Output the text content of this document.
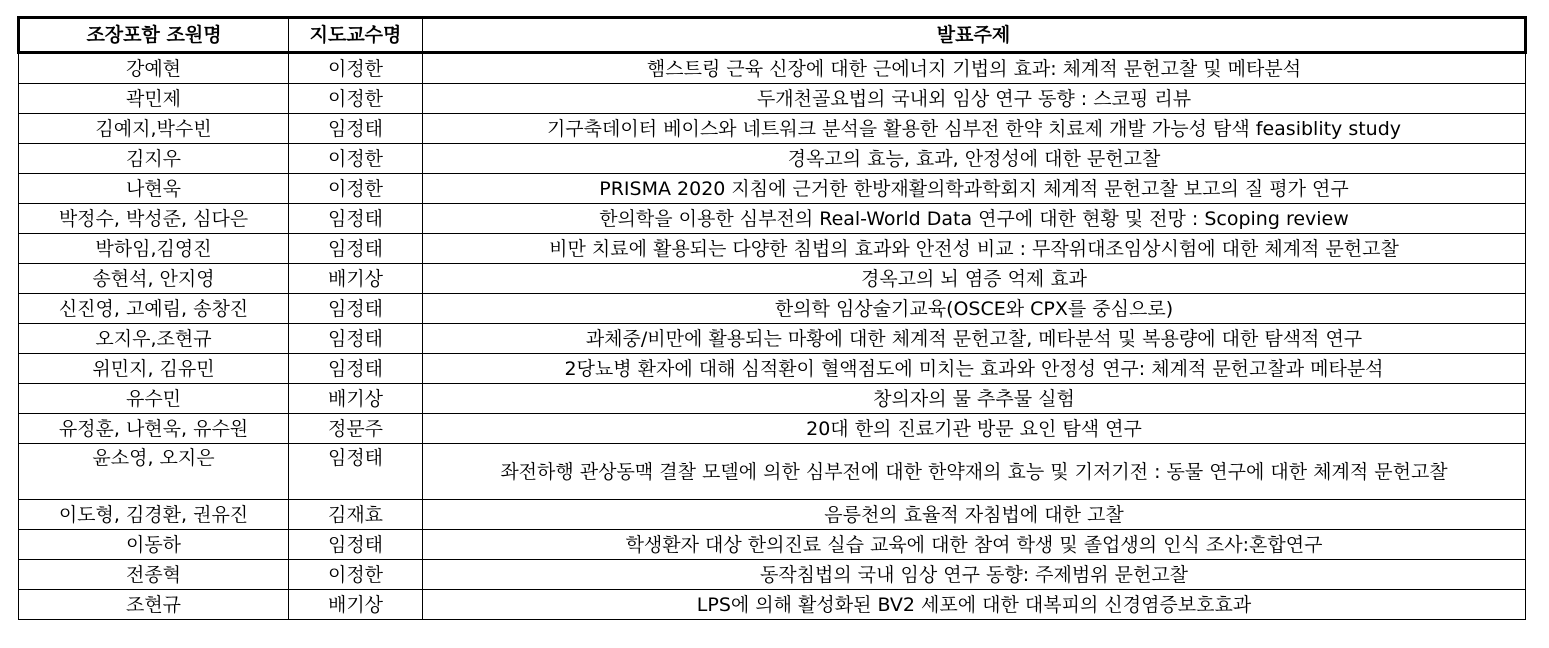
조장포함 조원명	지도교수명	발표주제
강예현	이정한	햄스트링 근육 신장에 대한 근에너지 기법의 효과: 체계적 문헌고찰 및 메타분석
곽민제	이정한	두개천골요법의 국내외 임상 연구 동향 : 스코핑 리뷰
김예지,박수빈	임정태	기구축데이터 베이스와 네트워크 분석을 활용한 심부전 한약 치료제 개발 가능성 탐색 feasiblity study
김지우	이정한	경옥고의 효능, 효과, 안정성에 대한 문헌고찰
나현욱	이정한	PRISMA 2020 지침에 근거한 한방재활의학과학회지 체계적 문헌고찰 보고의 질 평가 연구
박정수, 박성준, 심다은	임정태	한의학을 이용한 심부전의 Real-World Data 연구에 대한 현황 및 전망 : Scoping review
박하임,김영진	임정태	비만 치료에 활용되는 다양한 침법의 효과와 안전성 비교 : 무작위대조임상시험에 대한 체계적 문헌고찰
송현석, 안지영	배기상	경옥고의 뇌 염증 억제 효과
신진영, 고예림, 송창진	임정태	한의학 임상술기교육(OSCE와 CPX를 중심으로)
오지우,조현규	임정태	과체중/비만에 활용되는 마황에 대한 체계적 문헌고찰, 메타분석 및 복용량에 대한 탐색적 연구
위민지, 김유민	임정태	2당뇨병 환자에 대해 심적환이 혈액점도에 미치는 효과와 안정성 연구: 체계적 문헌고찰과 메타분석
유수민	배기상	창의자의 물 추추물 실험
유정훈, 나현욱, 유수원	정문주	20대 한의 진료기관 방문 요인 탐색 연구
윤소영, 오지은	임정태	좌전하행 관상동맥 결찰 모델에 의한 심부전에 대한 한약재의 효능 및 기저기전 : 동물 연구에 대한 체계적 문헌고찰
이도형, 김경환, 권유진	김재효	음릉천의 효율적 자침법에 대한 고찰
이동하	임정태	학생환자 대상 한의진료 실습 교육에 대한 참여 학생 및 졸업생의 인식 조사:혼합연구
전종혁	이정한	동작침법의 국내 임상 연구 동향: 주제범위 문헌고찰
조현규	배기상	LPS에 의해 활성화된 BV2 세포에 대한 대복피의 신경염증보호효과
